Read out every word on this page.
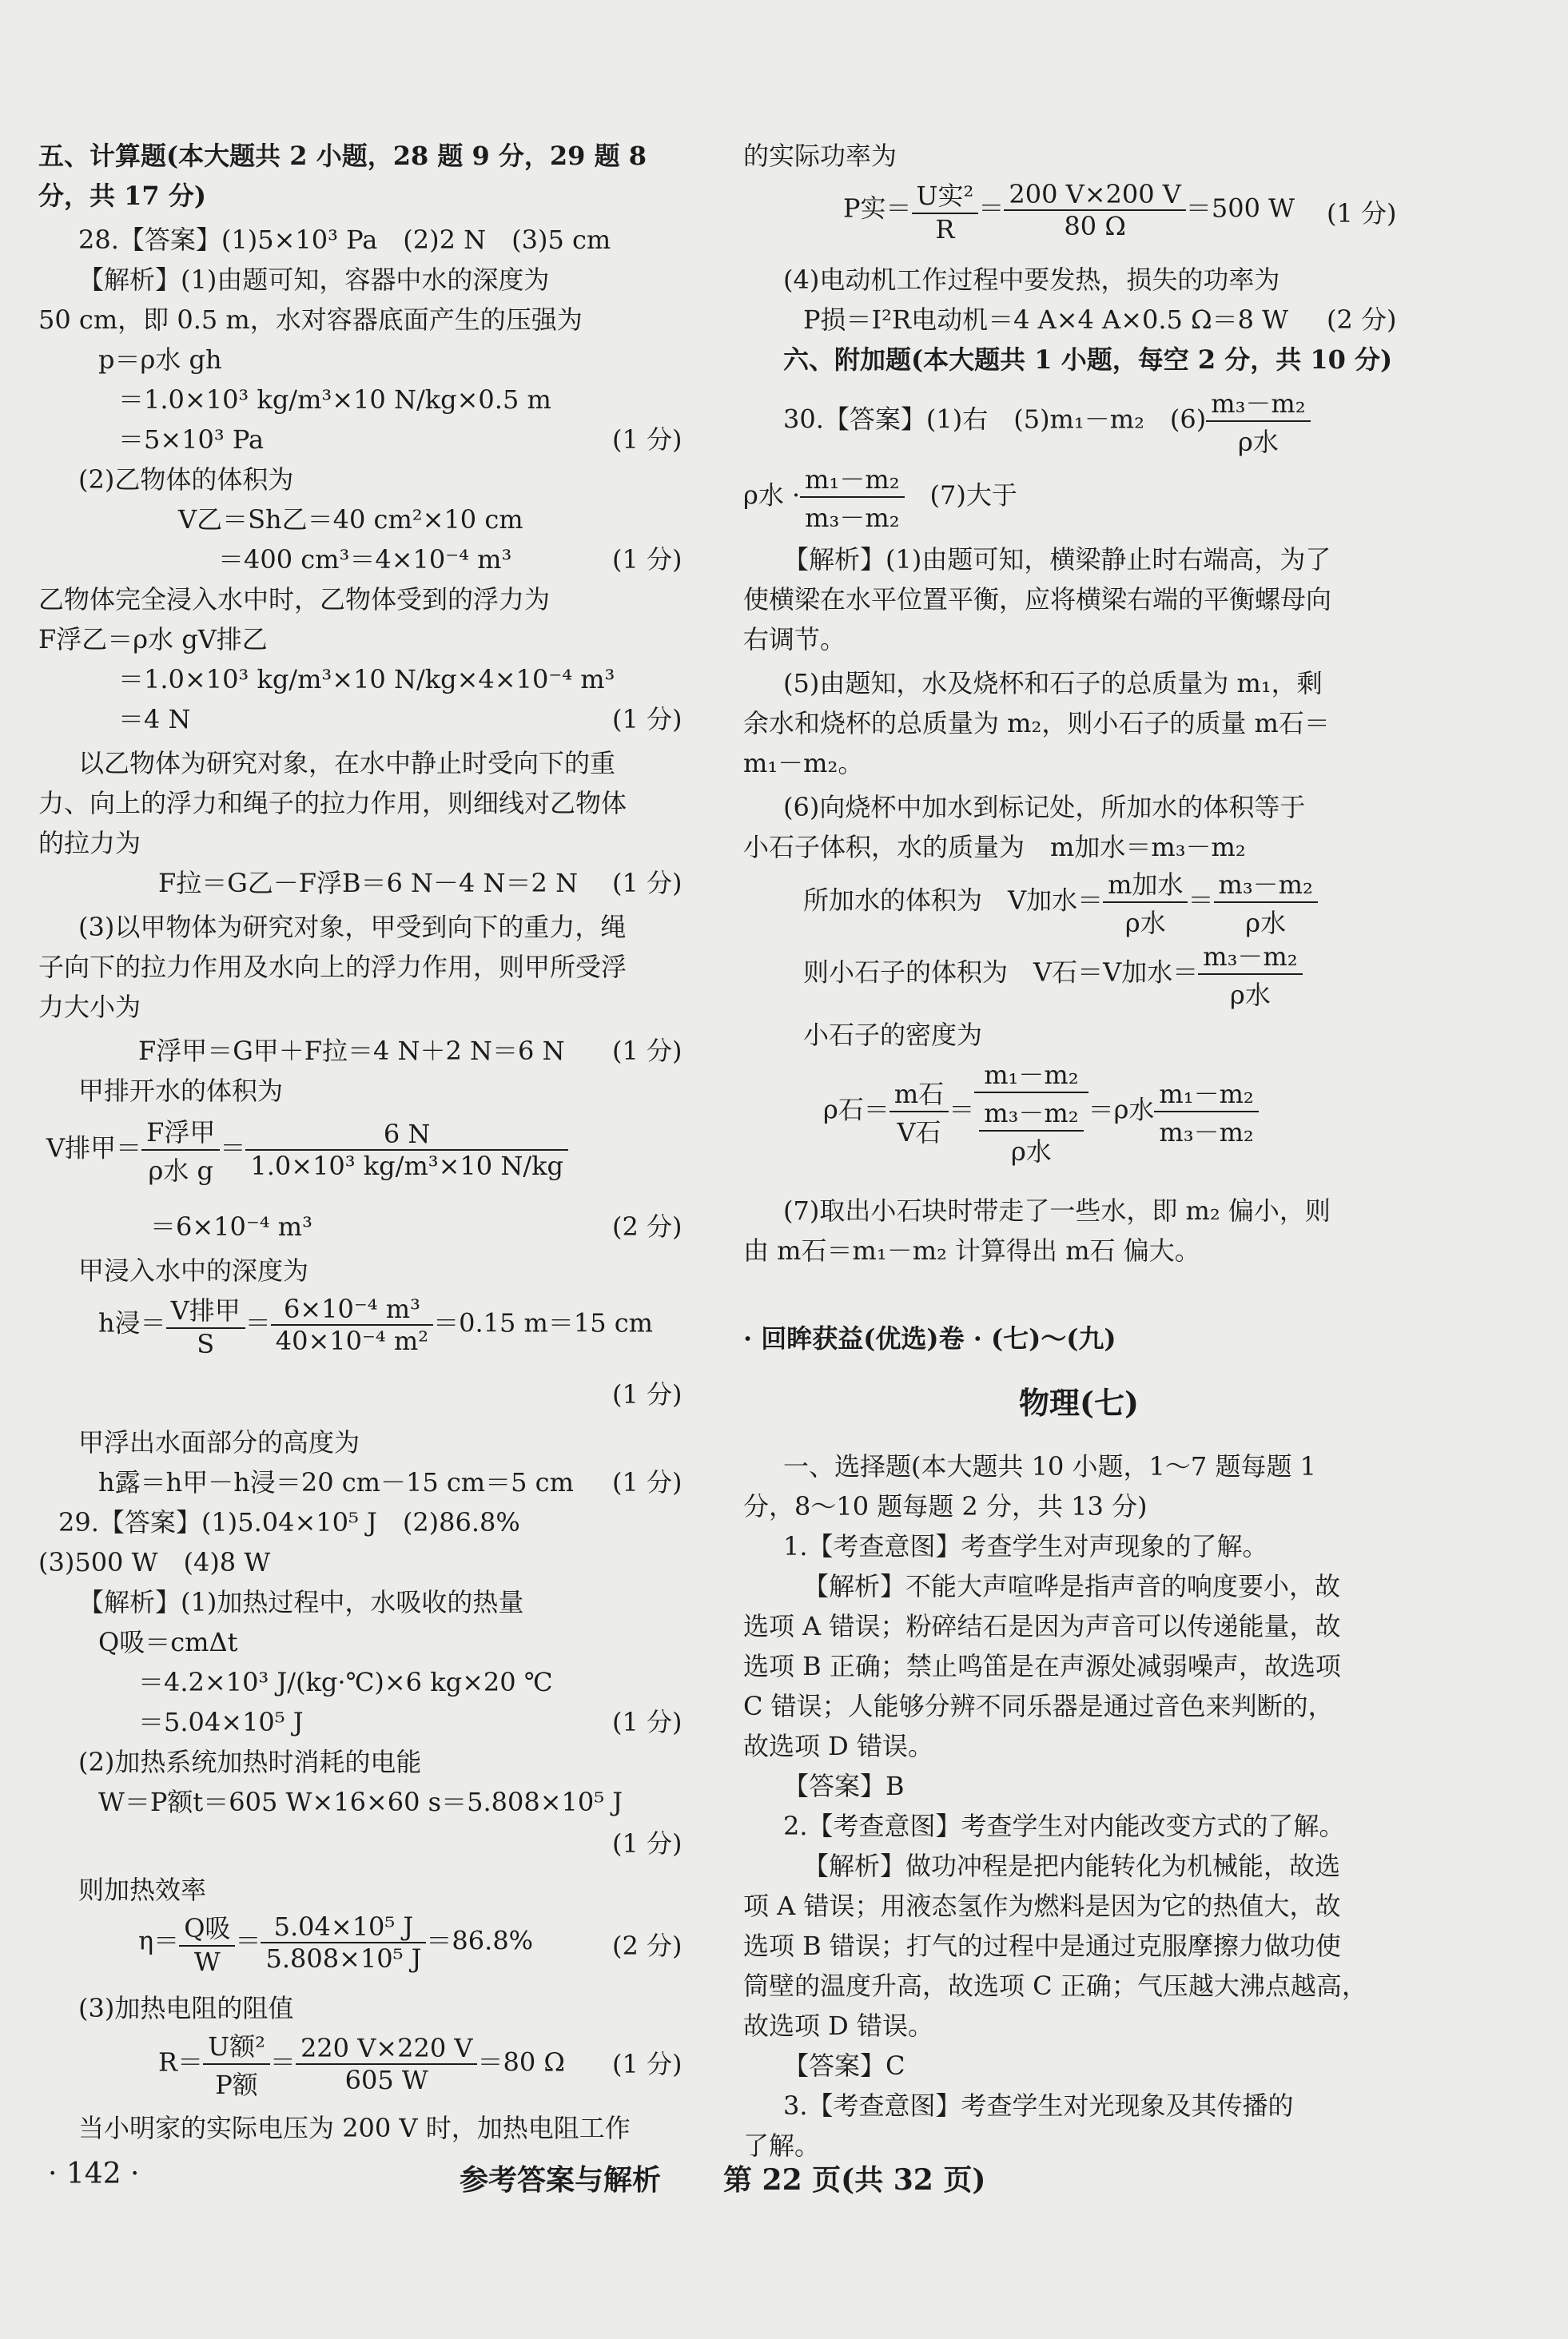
五、计算题(本大题共 2 小题，28 题 9 分，29 题 8
分，共 17 分)
28.【答案】(1)5×10³ Pa　(2)2 N　(3)5 cm
【解析】(1)由题可知，容器中水的深度为
50 cm，即 0.5 m，水对容器底面产生的压强为
p＝ρ水 gh
＝1.0×10³ kg/m³×10 N/kg×0.5 m
＝5×10³ Pa	(1 分)
(2)乙物体的体积为
V乙＝Sh乙＝40 cm²×10 cm
＝400 cm³＝4×10⁻⁴ m³	(1 分)
乙物体完全浸入水中时，乙物体受到的浮力为
F浮乙＝ρ水 gV排乙
＝1.0×10³ kg/m³×10 N/kg×4×10⁻⁴ m³
＝4 N	(1 分)
以乙物体为研究对象，在水中静止时受向下的重
力、向上的浮力和绳子的拉力作用，则细线对乙物体
的拉力为
F拉＝G乙－F浮B＝6 N－4 N＝2 N (1 分)
(3)以甲物体为研究对象，甲受到向下的重力，绳
子向下的拉力作用及水向上的浮力作用，则甲所受浮
力大小为
F浮甲＝G甲＋F拉＝4 N＋2 N＝6 N (1 分)
甲排开水的体积为
V排甲＝ $\frac{\text{F浮甲}}{\text{ρ水 g}} = \frac{6 N}{\text{1.0×10³ kg/m³×10 N/kg}}$
＝6×10⁻⁴ m³	(2 分)
甲浸入水中的深度为
h浸＝ $\frac{\text{V排甲}}{S} = \frac{\text{6×10⁻⁴ m³}}{\text{40×10⁻⁴ m²}} =0.15$ m＝15 cm
(1 分)
甲浮出水面部分的高度为
h露＝h甲－h浸＝20 cm－15 cm＝5 cm (1 分)
29.【答案】(1)5.04×10⁵ J　(2)86.8%
(3)500 W　(4)8 W
【解析】(1)加热过程中，水吸收的热量
Q吸＝cmΔt
＝4.2×10³ J/(kg·℃)×6 kg×20 ℃
＝5.04×10⁵ J	(1 分)
(2)加热系统加热时消耗的电能
W＝P额t＝605 W×16×60 s＝5.808×10⁵ J
(1 分)
则加热效率
$\eta= \frac{\text{Q吸}}{W} = \frac{\text{5.04×10⁵ J}}{\text{5.808×10⁵ J}} =86.8\%$	(2 分)
(3)加热电阻的阻值
$R= \frac{\text{U额²}}{\text{P额}} = \frac{220 V\times 220 V}{605 W} =80$ Ω (1 分)
当小明家的实际电压为 200 V 时，加热电阻工作
的实际功率为
P实＝ $\frac{\text{U实²}}{R} = \frac{200 V\times 200 V}{80 \Omega} =500$ W (1 分)
(4)电动机工作过程中要发热，损失的功率为
P损＝I²R电动机＝4 A×4 A×0.5 Ω＝8 W (2 分)
六、附加题(本大题共 1 小题，每空 2 分，共 10 分)
30.【答案】(1)右　(5)m₁－m₂　$(6) \frac{\text{m₃－m₂}}{\text{ρ水}}$
ρ水 · $\frac{\text{m₁－m₂}}{\text{m₃－m₂}}$
　 (7)大于
【解析】(1)由题可知，横梁静止时右端高，为了
使横梁在水平位置平衡，应将横梁右端的平衡螺母向
右调节。
(5)由题知，水及烧杯和石子的总质量为 m₁，剩
余水和烧杯的总质量为 m₂，则小石子的质量 m石＝
m₁－m₂。
(6)向烧杯中加水到标记处，所加水的体积等于
小石子体积，水的质量为　m加水＝m₃－m₂
所加水的体积为　V加水＝ $\frac{\text{m加水}}{\text{ρ水}} = \frac{\text{m₃－m₂}}{\text{ρ水}}$
则小石子的体积为　V石＝V加水＝ $\frac{\text{m₃－m₂}}{\text{ρ水}}$
小石子的密度为
ρ石＝ $\frac{\text{m石}}{\text{V石}} = \frac{\text{m₁－m₂}}{\frac{\text{m₃－m₂}}{\text{ρ水}}} =\rho$水 $\frac{\text{m₁－m₂}}{\text{m₃－m₂}}$
(7)取出小石块时带走了一些水，即 m₂ 偏小，则
由 m石＝m₁－m₂ 计算得出 m石 偏大。
· 回眸获益(优选)卷 · (七)～(九)
物理(七)
一、选择题(本大题共 10 小题，1～7 题每题 1
分，8～10 题每题 2 分，共 13 分)
1.【考查意图】考查学生对声现象的了解。
【解析】不能大声喧哗是指声音的响度要小，故
选项 A 错误；粉碎结石是因为声音可以传递能量，故
选项 B 正确；禁止鸣笛是在声源处减弱噪声，故选项
C 错误；人能够分辨不同乐器是通过音色来判断的，
故选项 D 错误。
【答案】B
2.【考查意图】考查学生对内能改变方式的了解。
【解析】做功冲程是把内能转化为机械能，故选
项 A 错误；用液态氢作为燃料是因为它的热值大，故
选项 B 错误；打气的过程中是通过克服摩擦力做功使
筒壁的温度升高，故选项 C 正确；气压越大沸点越高，
故选项 D 错误。
【答案】C
3.【考查意图】考查学生对光现象及其传播的
了解。
· 142 ·	参考答案与解析 第 22 页(共 32 页)
